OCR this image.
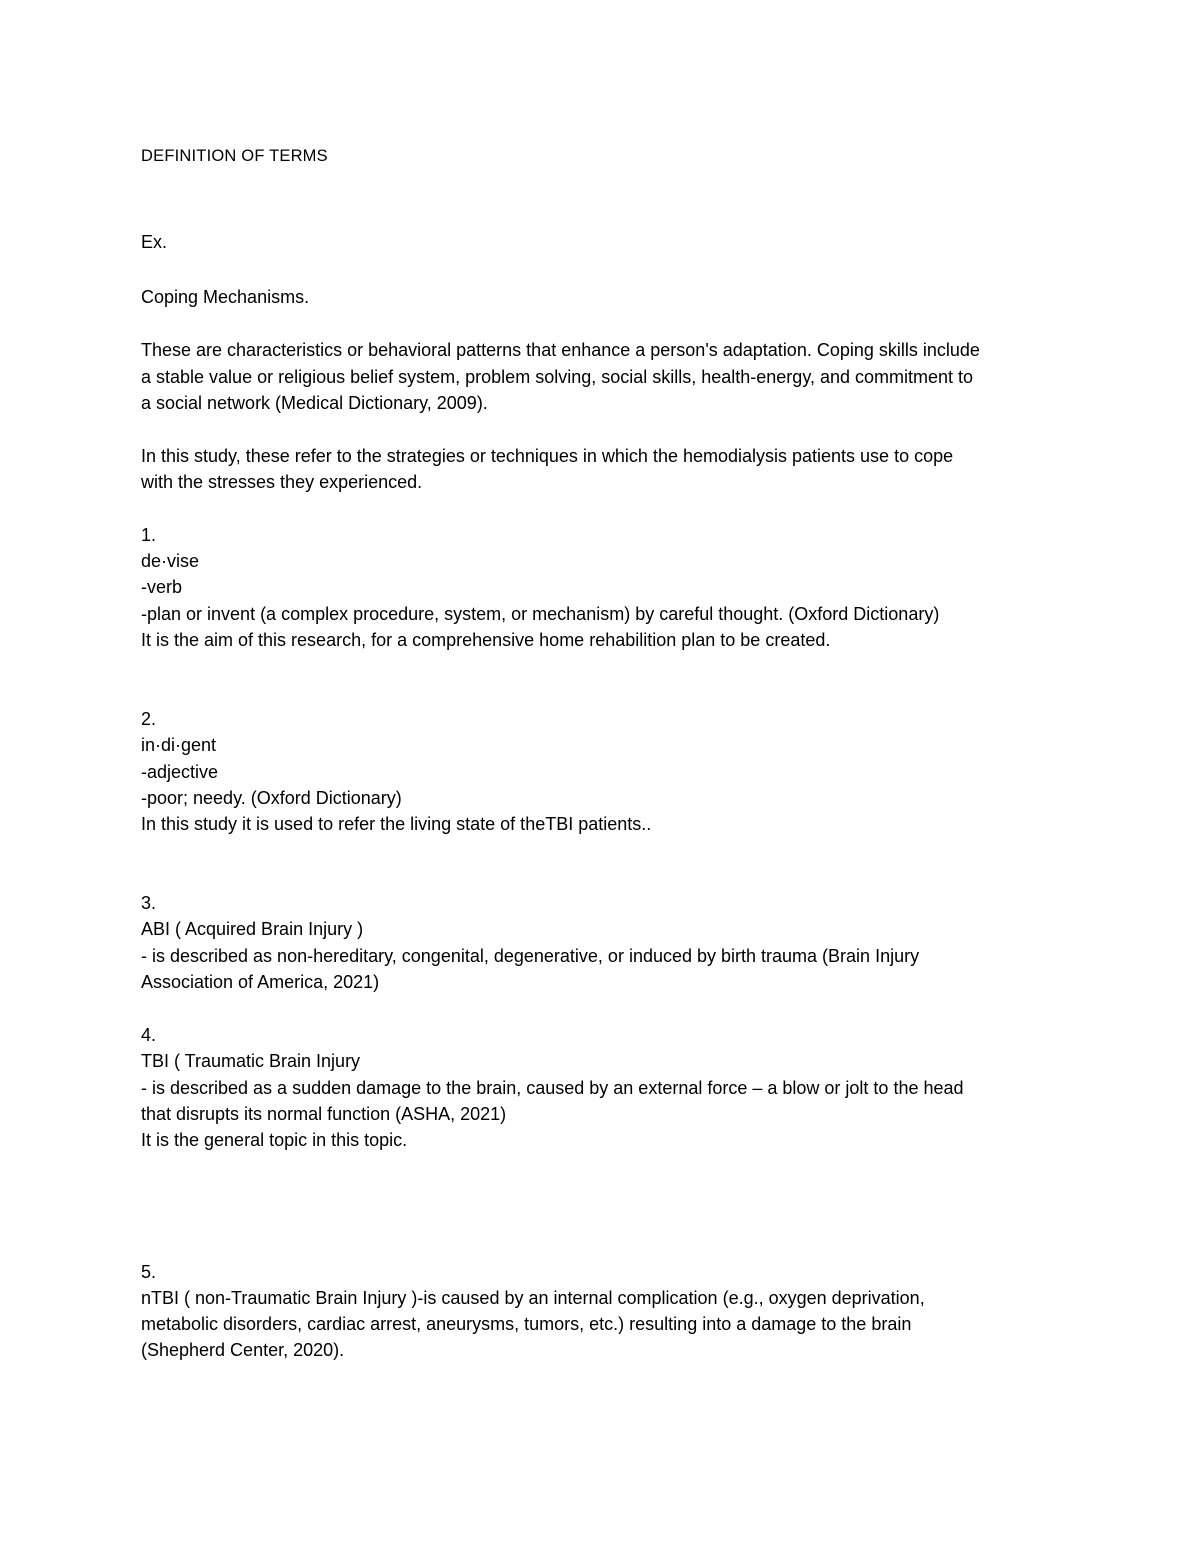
DEFINITION OF TERMS

Ex.

Coping Mechanisms.

These are characteristics or behavioral patterns that enhance a person's adaptation. Coping skills include

a stable value or religious belief system, problem solving, social skills, health-energy, and commitment to

a social network (Medical Dictionary, 2009).

In this study, these refer to the strategies or techniques in which the hemodialysis patients use to cope

with the stresses they experienced.

1.

de·vise

-verb

-plan or invent (a complex procedure, system, or mechanism) by careful thought. (Oxford Dictionary)

It is the aim of this research, for a comprehensive home rehabilition plan to be created.

2.

in·di·gent

-adjective

-poor; needy. (Oxford Dictionary)

In this study it is used to refer the living state of theTBI patients..

3.

ABI ( Acquired Brain Injury )

- is described as non-hereditary, congenital, degenerative, or induced by birth trauma (Brain Injury

Association of America, 2021)

4.

TBI ( Traumatic Brain Injury

- is described as a sudden damage to the brain, caused by an external force – a blow or jolt to the head

that disrupts its normal function (ASHA, 2021)

It is the general topic in this topic.

5.

nTBI ( non-Traumatic Brain Injury )-is caused by an internal complication (e.g., oxygen deprivation,

metabolic disorders, cardiac arrest, aneurysms, tumors, etc.) resulting into a damage to the brain

(Shepherd Center, 2020).
